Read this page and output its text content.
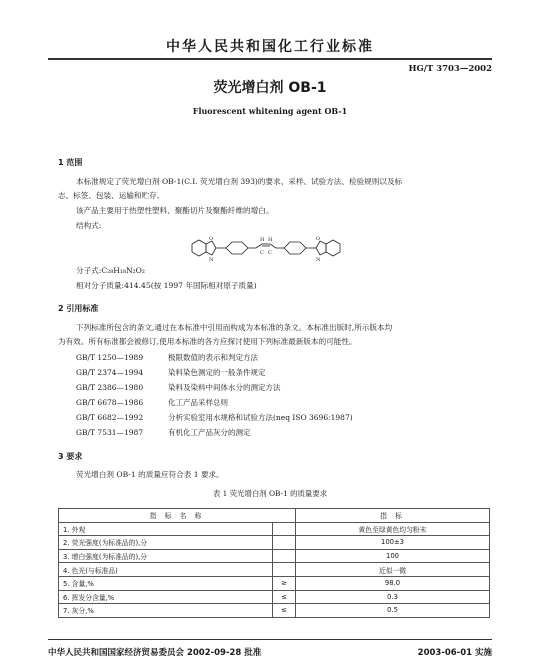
中华人民共和国化工行业标准
HG/T 3703—2002
荧光增白剂 OB-1
Fluorescent whitening agent OB-1
1 范围
本标准规定了荧光增白剂 OB-1(C.I. 荧光增白剂 393)的要求、采样、试验方法、检验规则以及标
志、标签、包装、运输和贮存。
该产品主要用于热塑性塑料、聚酯切片及聚酯纤维的增白。
结构式:
O
N
H H
C C
O
N
分子式:C₂₈H₁₈N₂O₂
相对分子质量:414.45(按 1997 年国际相对原子质量)
2 引用标准
下列标准所包含的条文,通过在本标准中引用而构成为本标准的条文。本标准出版时,所示版本均
为有效。所有标准都会被修订,使用本标准的各方应探讨使用下列标准最新版本的可能性。
GB/T 1250—1989	极限数值的表示和判定方法
GB/T 2374—1994	染料染色测定的一般条件规定
GB/T 2386—1980	染料及染料中间体水分的测定方法
GB/T 6678—1986	化工产品采样总则
GB/T 6682—1992	分析实验室用水规格和试验方法(neq ISO 3696:1987)
GB/T 7531—1987	有机化工产品灰分的测定
3 要求
荧光增白剂 OB-1 的质量应符合表 1 要求。
表 1 荧光增白剂 OB-1 的质量要求
指 标 名 称		指 标
1. 外观		黄色至绿黄色均匀粉末
2. 荧光强度(为标准品的),分		100±3
3. 增白强度(为标准品的),分		100
4. 色光(与标准品)		近似一微
5. 含量,%	≥	98.0
6. 挥发分含量,%	≤	0.3
7. 灰分,%	≤	0.5
中华人民共和国国家经济贸易委员会 2002-09-28 批准	2003-06-01 实施
